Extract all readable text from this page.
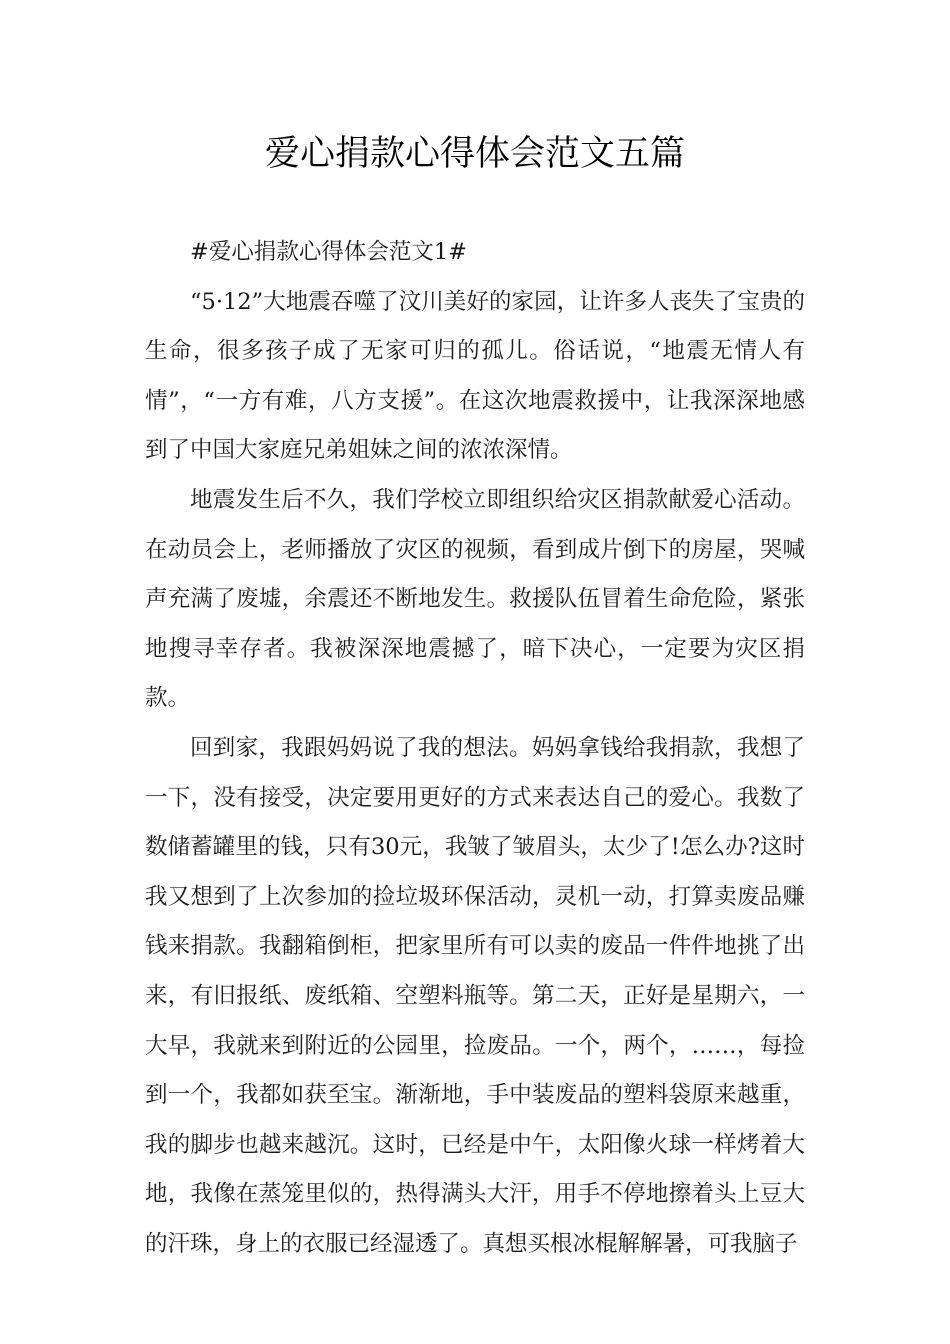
爱心捐款心得体会范文五篇

#爱心捐款心得体会范文1#

“5·12”大地震吞噬了汶川美好的家园，让许多人丧失了宝贵的生命，很多孩子成了无家可归的孤儿。俗话说，“地震无情人有情”，“一方有难，八方支援”。在这次地震救援中，让我深深地感到了中国大家庭兄弟姐妹之间的浓浓深情。

地震发生后不久，我们学校立即组织给灾区捐款献爱心活动。在动员会上，老师播放了灾区的视频，看到成片倒下的房屋，哭喊声充满了废墟，余震还不断地发生。救援队伍冒着生命危险，紧张地搜寻幸存者。我被深深地震撼了，暗下决心，一定要为灾区捐款。

回到家，我跟妈妈说了我的想法。妈妈拿钱给我捐款，我想了一下，没有接受，决定要用更好的方式来表达自己的爱心。我数了数储蓄罐里的钱，只有30元，我皱了皱眉头，太少了!怎么办?这时我又想到了上次参加的捡垃圾环保活动，灵机一动，打算卖废品赚钱来捐款。我翻箱倒柜，把家里所有可以卖的废品一件件地挑了出来，有旧报纸、废纸箱、空塑料瓶等。第二天，正好是星期六，一大早，我就来到附近的公园里，捡废品。一个，两个，……，每捡到一个，我都如获至宝。渐渐地，手中装废品的塑料袋原来越重，我的脚步也越来越沉。这时，已经是中午，太阳像火球一样烤着大地，我像在蒸笼里似的，热得满头大汗，用手不停地擦着头上豆大的汗珠，身上的衣服已经湿透了。真想买根冰棍解解暑，可我脑子
